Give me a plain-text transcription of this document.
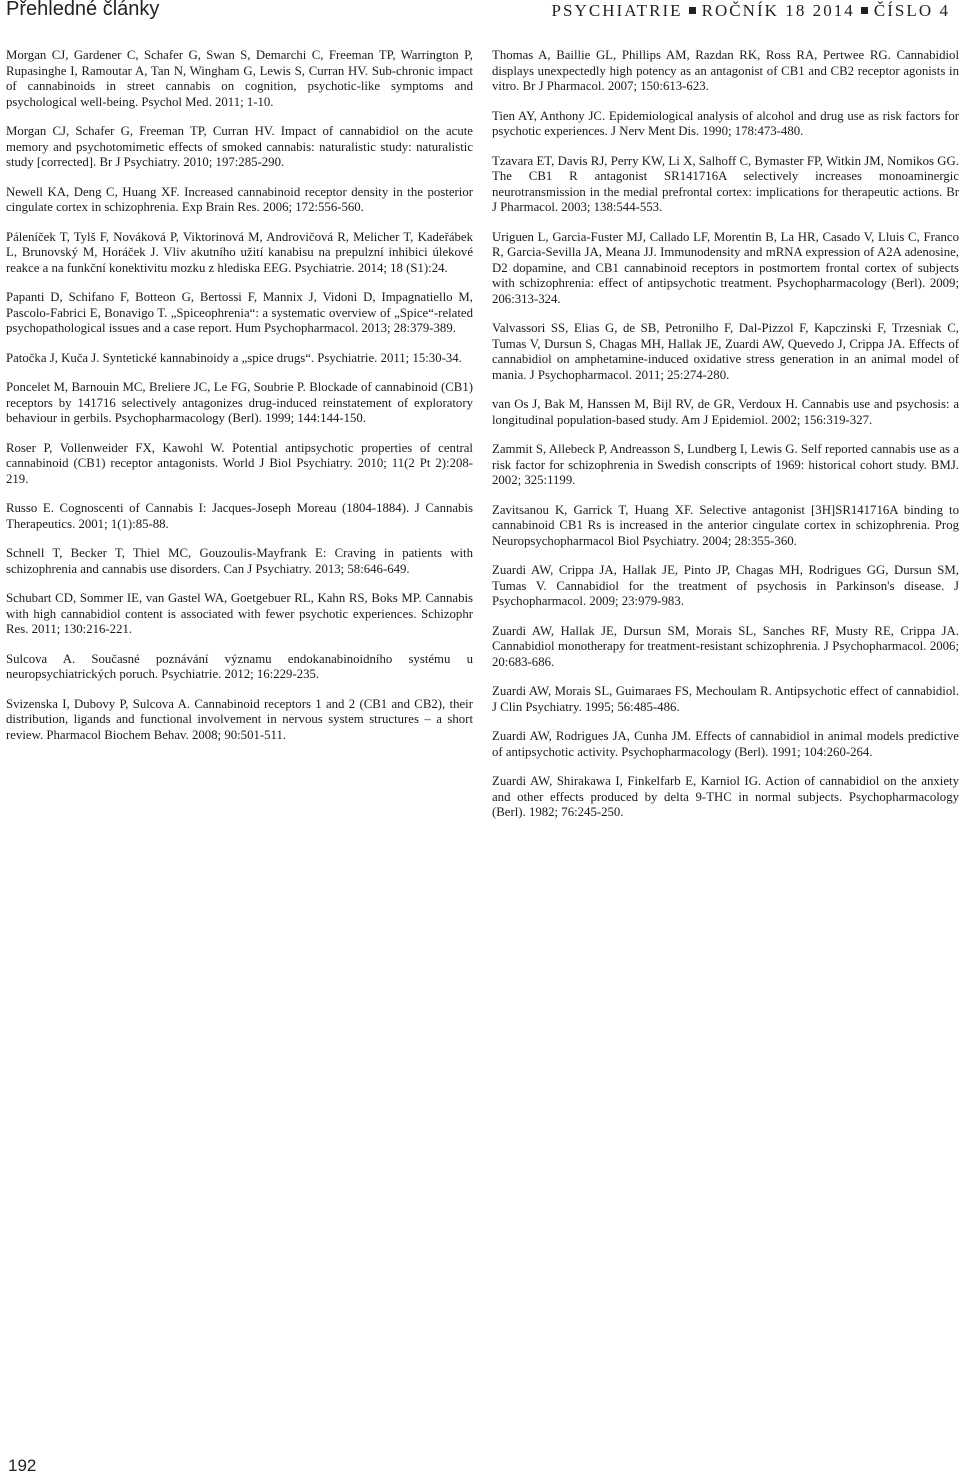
Přehledné články	PSYCHIATRIE ROČNÍK 18 2014 ČÍSLO 4

Morgan CJ, Gardener C, Schafer G, Swan S, Demarchi C, Freeman TP, Warrington P, Rupasinghe I, Ramoutar A, Tan N, Wingham G, Lewis S, Curran HV. Sub-chronic impact of cannabinoids in street cannabis on cognition, psychotic-like symptoms and psychological well-being. Psychol Med. 2011; 1-10.

Morgan CJ, Schafer G, Freeman TP, Curran HV. Impact of cannabidiol on the acute memory and psychotomimetic effects of smoked cannabis: naturalistic study: naturalistic study [corrected]. Br J Psychiatry. 2010; 197:285-290.

Newell KA, Deng C, Huang XF. Increased cannabinoid receptor density in the posterior cingulate cortex in schizophrenia. Exp Brain Res. 2006; 172:556-560.

Páleníček T, Tylš F, Nováková P, Viktorinová M, Androvičová R, Melicher T, Kadeřábek L, Brunovský M, Horáček J. Vliv akutního užití kanabisu na prepulzní inhibici úlekové reakce a na funkční konektivitu mozku z hlediska EEG. Psychiatrie. 2014; 18 (S1):24.

Papanti D, Schifano F, Botteon G, Bertossi F, Mannix J, Vidoni D, Impagnatiello M, Pascolo-Fabrici E, Bonavigo T. „Spiceophrenia“: a systematic overview of „Spice“-related psychopathological issues and a case report. Hum Psychopharmacol. 2013; 28:379-389.

Patočka J, Kuča J. Syntetické kannabinoidy a „spice drugs“. Psychiatrie. 2011; 15:30-34.

Poncelet M, Barnouin MC, Breliere JC, Le FG, Soubrie P. Blockade of cannabinoid (CB1) receptors by 141716 selectively antagonizes drug-induced reinstatement of exploratory behaviour in gerbils. Psychopharmacology (Berl). 1999; 144:144-150.

Roser P, Vollenweider FX, Kawohl W. Potential antipsychotic properties of central cannabinoid (CB1) receptor antagonists. World J Biol Psychiatry. 2010; 11(2 Pt 2):208-219.

Russo E. Cognoscenti of Cannabis I: Jacques-Joseph Moreau (1804-1884). J Cannabis Therapeutics. 2001; 1(1):85-88.

Schnell T, Becker T, Thiel MC, Gouzoulis-Mayfrank E: Craving in patients with schizophrenia and cannabis use disorders. Can J Psychiatry. 2013; 58:646-649.

Schubart CD, Sommer IE, van Gastel WA, Goetgebuer RL, Kahn RS, Boks MP. Cannabis with high cannabidiol content is associated with fewer psychotic experiences. Schizophr Res. 2011; 130:216-221.

Sulcova A. Současné poznávání významu endokanabinoidního systému u neuropsychiatrických poruch. Psychiatrie. 2012; 16:229-235.

Svizenska I, Dubovy P, Sulcova A. Cannabinoid receptors 1 and 2 (CB1 and CB2), their distribution, ligands and functional involvement in nervous system structures – a short review. Pharmacol Biochem Behav. 2008; 90:501-511.

Thomas A, Baillie GL, Phillips AM, Razdan RK, Ross RA, Pertwee RG. Cannabidiol displays unexpectedly high potency as an antagonist of CB1 and CB2 receptor agonists in vitro. Br J Pharmacol. 2007; 150:613-623.

Tien AY, Anthony JC. Epidemiological analysis of alcohol and drug use as risk factors for psychotic experiences. J Nerv Ment Dis. 1990; 178:473-480.

Tzavara ET, Davis RJ, Perry KW, Li X, Salhoff C, Bymaster FP, Witkin JM, Nomikos GG. The CB1 R antagonist SR141716A selectively increases monoaminergic neurotransmission in the medial prefrontal cortex: implications for therapeutic actions. Br J Pharmacol. 2003; 138:544-553.

Uriguen L, Garcia-Fuster MJ, Callado LF, Morentin B, La HR, Casado V, Lluis C, Franco R, Garcia-Sevilla JA, Meana JJ. Immunodensity and mRNA expression of A2A adenosine, D2 dopamine, and CB1 cannabinoid receptors in postmortem frontal cortex of subjects with schizophrenia: effect of antipsychotic treatment. Psychopharmacology (Berl). 2009; 206:313-324.

Valvassori SS, Elias G, de SB, Petronilho F, Dal-Pizzol F, Kapczinski F, Trzesniak C, Tumas V, Dursun S, Chagas MH, Hallak JE, Zuardi AW, Quevedo J, Crippa JA. Effects of cannabidiol on amphetamine-induced oxidative stress generation in an animal model of mania. J Psychopharmacol. 2011; 25:274-280.

van Os J, Bak M, Hanssen M, Bijl RV, de GR, Verdoux H. Cannabis use and psychosis: a longitudinal population-based study. Am J Epidemiol. 2002; 156:319-327.

Zammit S, Allebeck P, Andreasson S, Lundberg I, Lewis G. Self reported cannabis use as a risk factor for schizophrenia in Swedish conscripts of 1969: historical cohort study. BMJ. 2002; 325:1199.

Zavitsanou K, Garrick T, Huang XF. Selective antagonist [3H]SR141716A binding to cannabinoid CB1 Rs is increased in the anterior cingulate cortex in schizophrenia. Prog Neuropsychopharmacol Biol Psychiatry. 2004; 28:355-360.

Zuardi AW, Crippa JA, Hallak JE, Pinto JP, Chagas MH, Rodrigues GG, Dursun SM, Tumas V. Cannabidiol for the treatment of psychosis in Parkinson's disease. J Psychopharmacol. 2009; 23:979-983.

Zuardi AW, Hallak JE, Dursun SM, Morais SL, Sanches RF, Musty RE, Crippa JA. Cannabidiol monotherapy for treatment-resistant schizophrenia. J Psychopharmacol. 2006; 20:683-686.

Zuardi AW, Morais SL, Guimaraes FS, Mechoulam R. Antipsychotic effect of cannabidiol. J Clin Psychiatry. 1995; 56:485-486.

Zuardi AW, Rodrigues JA, Cunha JM. Effects of cannabidiol in animal models predictive of antipsychotic activity. Psychopharmacology (Berl). 1991; 104:260-264.

Zuardi AW, Shirakawa I, Finkelfarb E, Karniol IG. Action of cannabidiol on the anxiety and other effects produced by delta 9-THC in normal subjects. Psychopharmacology (Berl). 1982; 76:245-250.

192
